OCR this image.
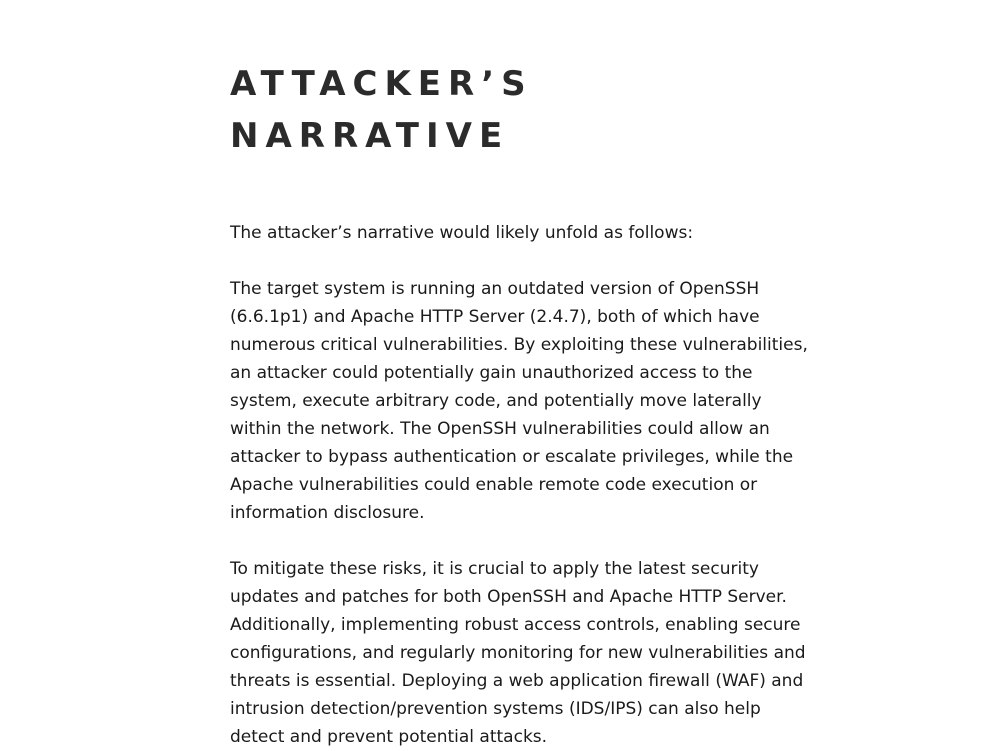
ATTACKER’S
NARRATIVE

The attacker’s narrative would likely unfold as follows:

The target system is running an outdated version of OpenSSH (6.6.1p1) and Apache HTTP Server (2.4.7), both of which have numerous critical vulnerabilities. By exploiting these vulnerabilities, an attacker could potentially gain unauthorized access to the system, execute arbitrary code, and potentially move laterally within the network. The OpenSSH vulnerabilities could allow an attacker to bypass authentication or escalate privileges, while the Apache vulnerabilities could enable remote code execution or information disclosure.

To mitigate these risks, it is crucial to apply the latest security updates and patches for both OpenSSH and Apache HTTP Server. Additionally, implementing robust access controls, enabling secure configurations, and regularly monitoring for new vulnerabilities and threats is essential. Deploying a web application firewall (WAF) and intrusion detection/prevention systems (IDS/IPS) can also help detect and prevent potential attacks.
